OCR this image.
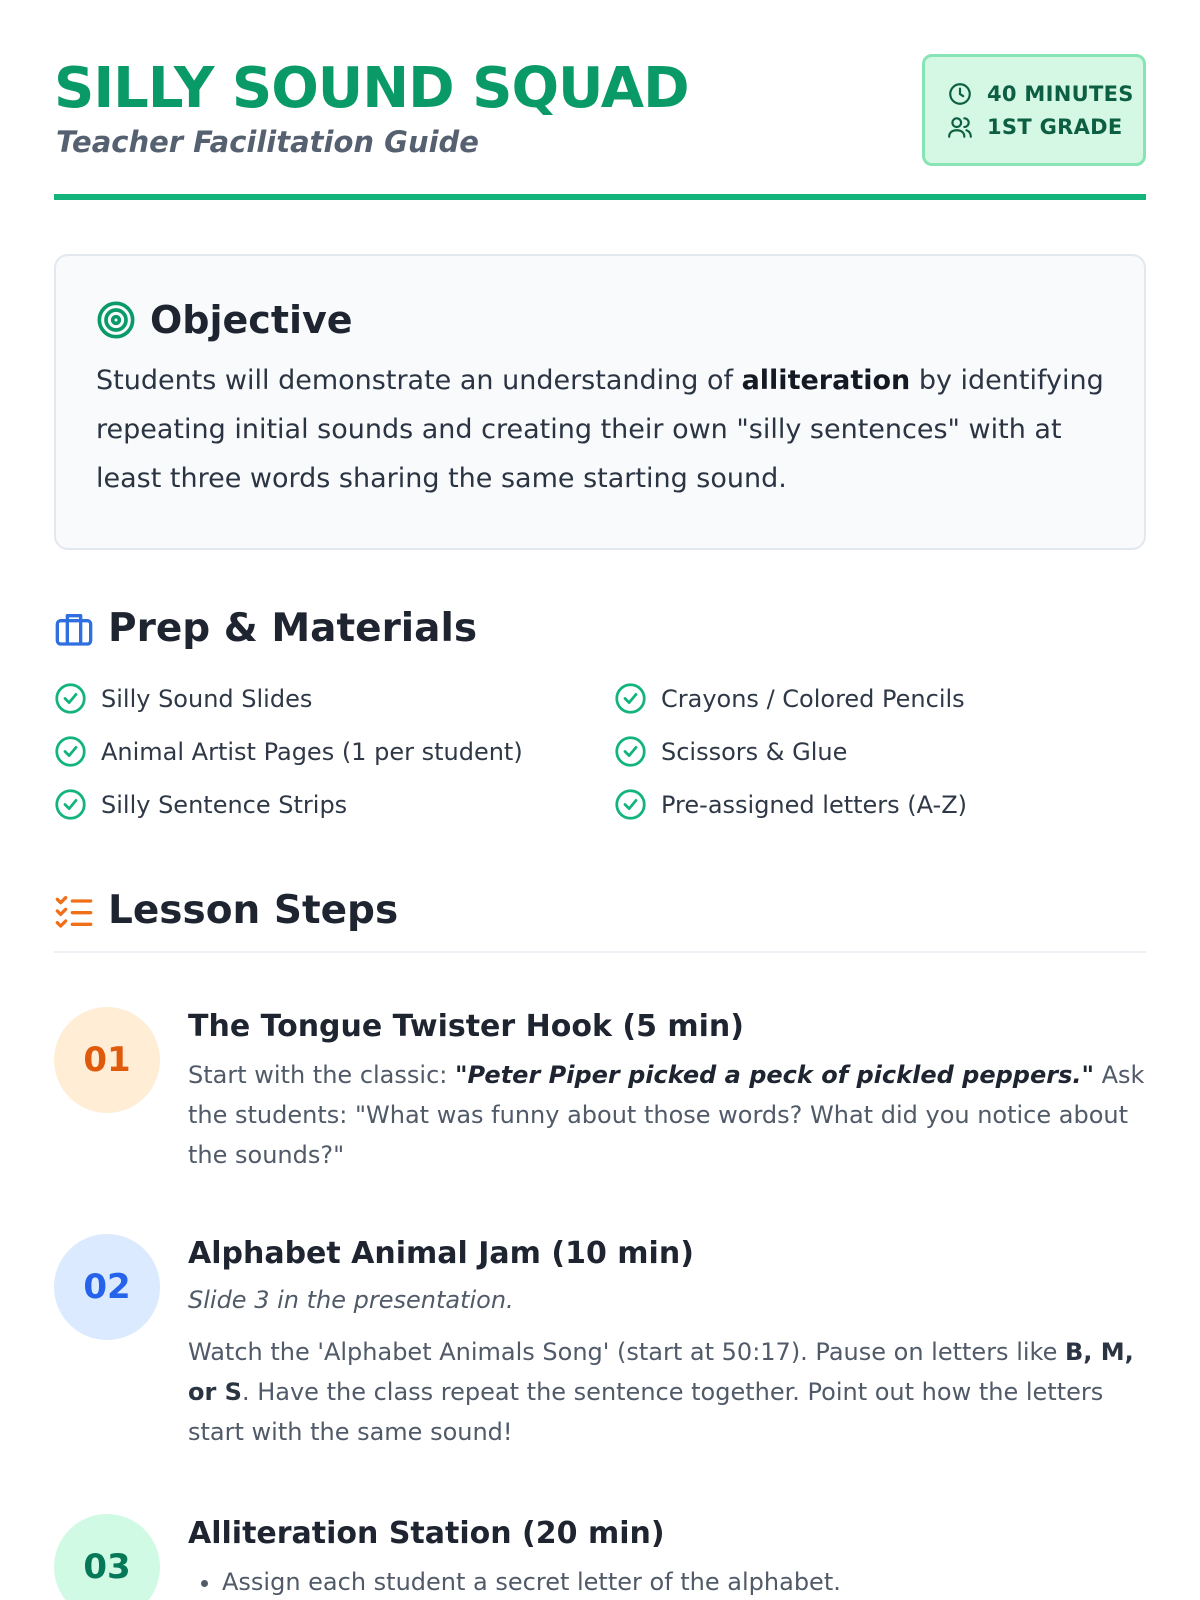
SILLY SOUND SQUAD
Teacher Facilitation Guide
40 MINUTES
1ST GRADE
Objective

Students will demonstrate an understanding of alliteration by identifying repeating initial sounds and creating their own "silly sentences" with at least three words sharing the same starting sound.

Prep & Materials
Silly Sound Slides	Crayons / Colored Pencils
Animal Artist Pages (1 per student)	Scissors & Glue
Silly Sentence Strips	Pre-assigned letters (A-Z)
Lesson Steps
01
The Tongue Twister Hook (5 min)

Start with the classic: "Peter Piper picked a peck of pickled peppers." Ask the students: "What was funny about those words? What did you notice about the sounds?"

02
Alphabet Animal Jam (10 min)
Slide 3 in the presentation.

Watch the 'Alphabet Animals Song' (start at 50:17). Pause on letters like B, M, or S. Have the class repeat the sentence together. Point out how the letters start with the same sound!

03
Alliteration Station (20 min)
• Assign each student a secret letter of the alphabet.
